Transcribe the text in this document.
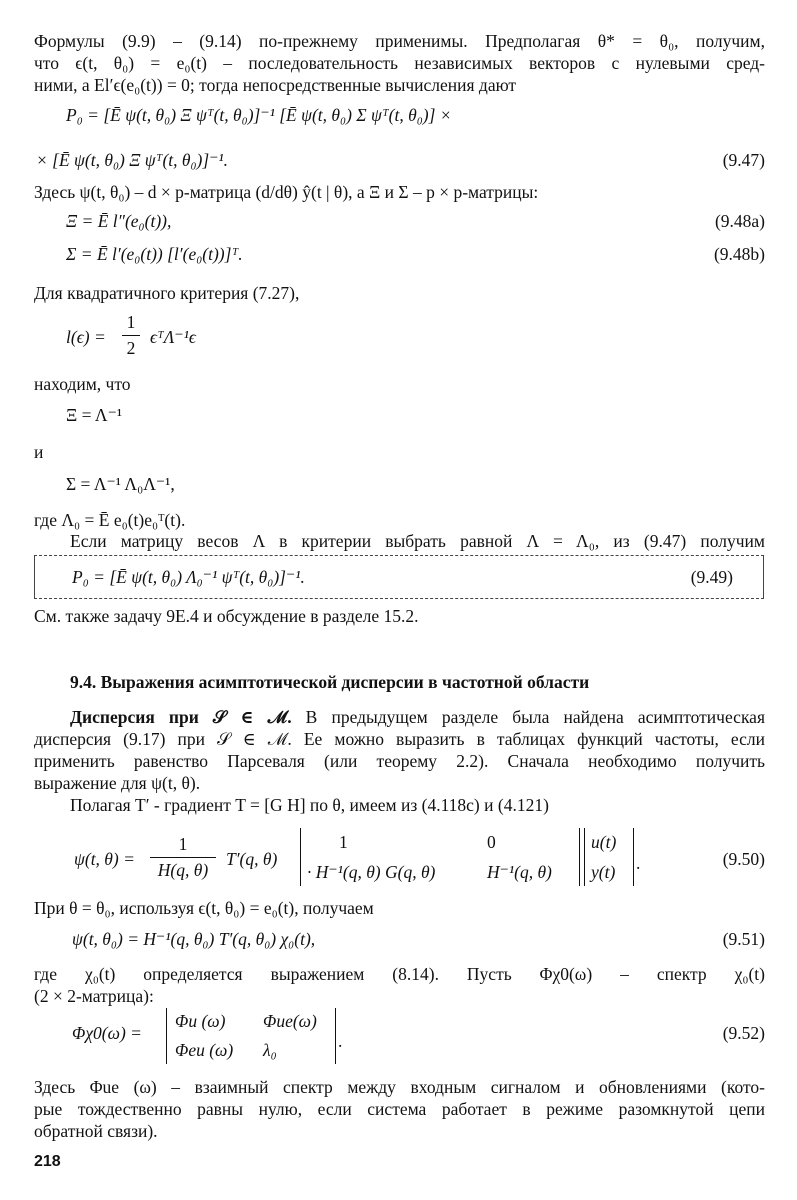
Формулы (9.9) – (9.14) по-прежнему применимы. Предполагая θ* = θ₀, получим,
что ϵ(t, θ₀) = e₀(t) – последовательность независимых векторов с нулевыми сред-
ними, а El′ϵ(e₀(t)) = 0; тогда непосредственные вычисления дают
P₀ = [Ē ψ(t, θ₀) Ξ ψᵀ(t, θ₀)]⁻¹ [Ē ψ(t, θ₀) Σ ψᵀ(t, θ₀)] ×
× [Ē ψ(t, θ₀) Ξ ψᵀ(t, θ₀)]⁻¹.	(9.47)
Здесь ψ(t, θ₀) – d × p-матрица (d/dθ) ŷ(t | θ), а Ξ и Σ – p × p-матрицы:
Ξ = Ē l″(e₀(t)),	(9.48a)
Σ = Ē l′(e₀(t)) [l′(e₀(t))]ᵀ.	(9.48b)
Для квадратичного критерия (7.27),
l(ϵ) =
1
2
ϵᵀΛ⁻¹ϵ
находим, что
Ξ = Λ⁻¹
и
Σ = Λ⁻¹ Λ₀Λ⁻¹,
где Λ₀ = Ē e₀(t)e₀ᵀ(t).
Если матрицу весов Λ в критерии выбрать равной Λ = Λ₀, из (9.47) получим
P₀ = [Ē ψ(t, θ₀) Λ₀⁻¹ ψᵀ(t, θ₀)]⁻¹.	(9.49)
См. также задачу 9E.4 и обсуждение в разделе 15.2.
9.4. Выражения асимптотической дисперсии в частотной области
Дисперсия при 𝒮 ∈ ℳ. В предыдущем разделе была найдена асимптотическая
дисперсия (9.17) при 𝒮 ∈ ℳ. Ее можно выразить в таблицах функций частоты, если
применить равенство Парсеваля (или теорему 2.2). Сначала необходимо получить
выражение для ψ(t, θ).
Полагая T′ - градиент T = [G H] по θ, имеем из (4.118c) и (4.121)
ψ(t, θ) =
1
H(q, θ)
T′(q, θ)
1	0
· H⁻¹(q, θ) G(q, θ)	H⁻¹(q, θ)
u(t)
y(t) .	(9.50)
При θ = θ₀, используя ϵ(t, θ₀) = e₀(t), получаем
ψ(t, θ₀) = H⁻¹(q, θ₀) T′(q, θ₀) χ₀(t),	(9.51)
где χ₀(t) определяется выражением (8.14). Пусть Φχ0(ω) – спектр χ₀(t)
(2 × 2-матрица):
Φχ0(ω) =
Φu (ω) Φue(ω)
Φeu (ω) λ₀	.	(9.52)
Здесь Φue (ω) – взаимный спектр между входным сигналом и обновлениями (кото-
рые тождественно равны нулю, если система работает в режиме разомкнутой цепи
обратной связи).
218
